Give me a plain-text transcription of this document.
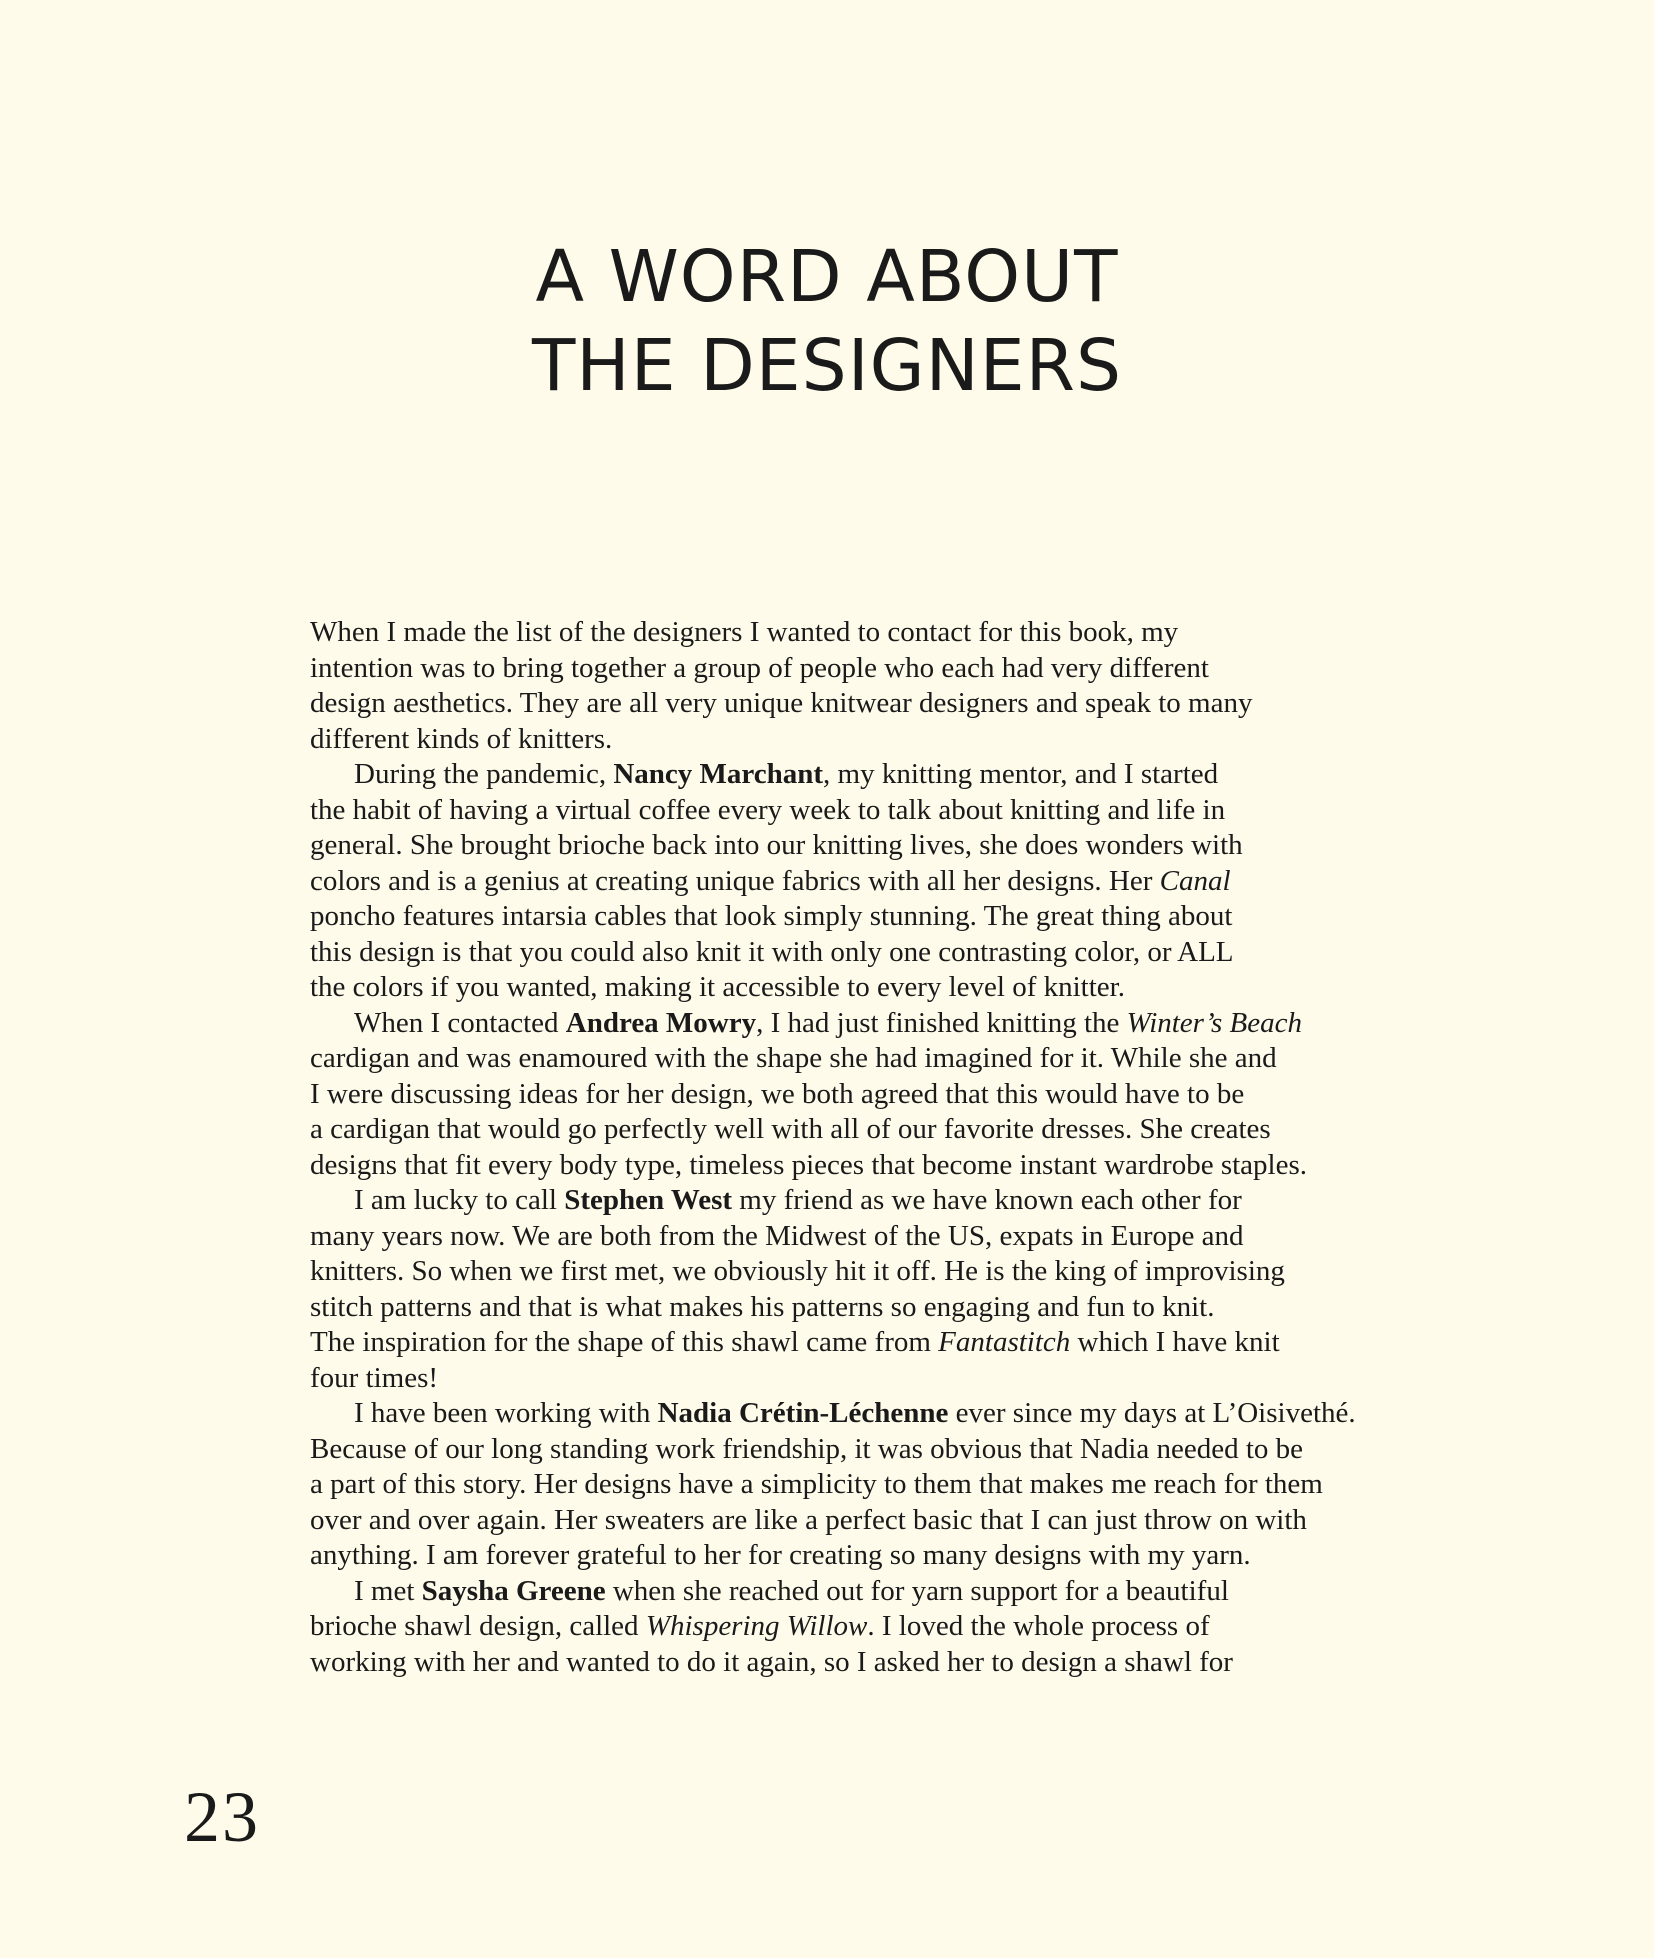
A WORD ABOUT
THE DESIGNERS

When I made the list of the designers I wanted to contact for this book, my
intention was to bring together a group of people who each had very different
design aesthetics. They are all very unique knitwear designers and speak to many
different kinds of knitters.

During the pandemic, Nancy Marchant, my knitting mentor, and I started
the habit of having a virtual coffee every week to talk about knitting and life in
general. She brought brioche back into our knitting lives, she does wonders with
colors and is a genius at creating unique fabrics with all her designs. Her Canal
poncho features intarsia cables that look simply stunning. The great thing about
this design is that you could also knit it with only one contrasting color, or ALL
the colors if you wanted, making it accessible to every level of knitter.

When I contacted Andrea Mowry, I had just finished knitting the Winter’s Beach
cardigan and was enamoured with the shape she had imagined for it. While she and
I were discussing ideas for her design, we both agreed that this would have to be
a cardigan that would go perfectly well with all of our favorite dresses. She creates
designs that fit every body type, timeless pieces that become instant wardrobe staples.

I am lucky to call Stephen West my friend as we have known each other for
many years now. We are both from the Midwest of the US, expats in Europe and
knitters. So when we first met, we obviously hit it off. He is the king of improvising
stitch patterns and that is what makes his patterns so engaging and fun to knit.
The inspiration for the shape of this shawl came from Fantastitch which I have knit
four times!

I have been working with Nadia Crétin-Léchenne ever since my days at L’Oisivethé.
Because of our long standing work friendship, it was obvious that Nadia needed to be
a part of this story. Her designs have a simplicity to them that makes me reach for them
over and over again. Her sweaters are like a perfect basic that I can just throw on with
anything. I am forever grateful to her for creating so many designs with my yarn.

I met Saysha Greene when she reached out for yarn support for a beautiful
brioche shawl design, called Whispering Willow. I loved the whole process of
working with her and wanted to do it again, so I asked her to design a shawl for

23
